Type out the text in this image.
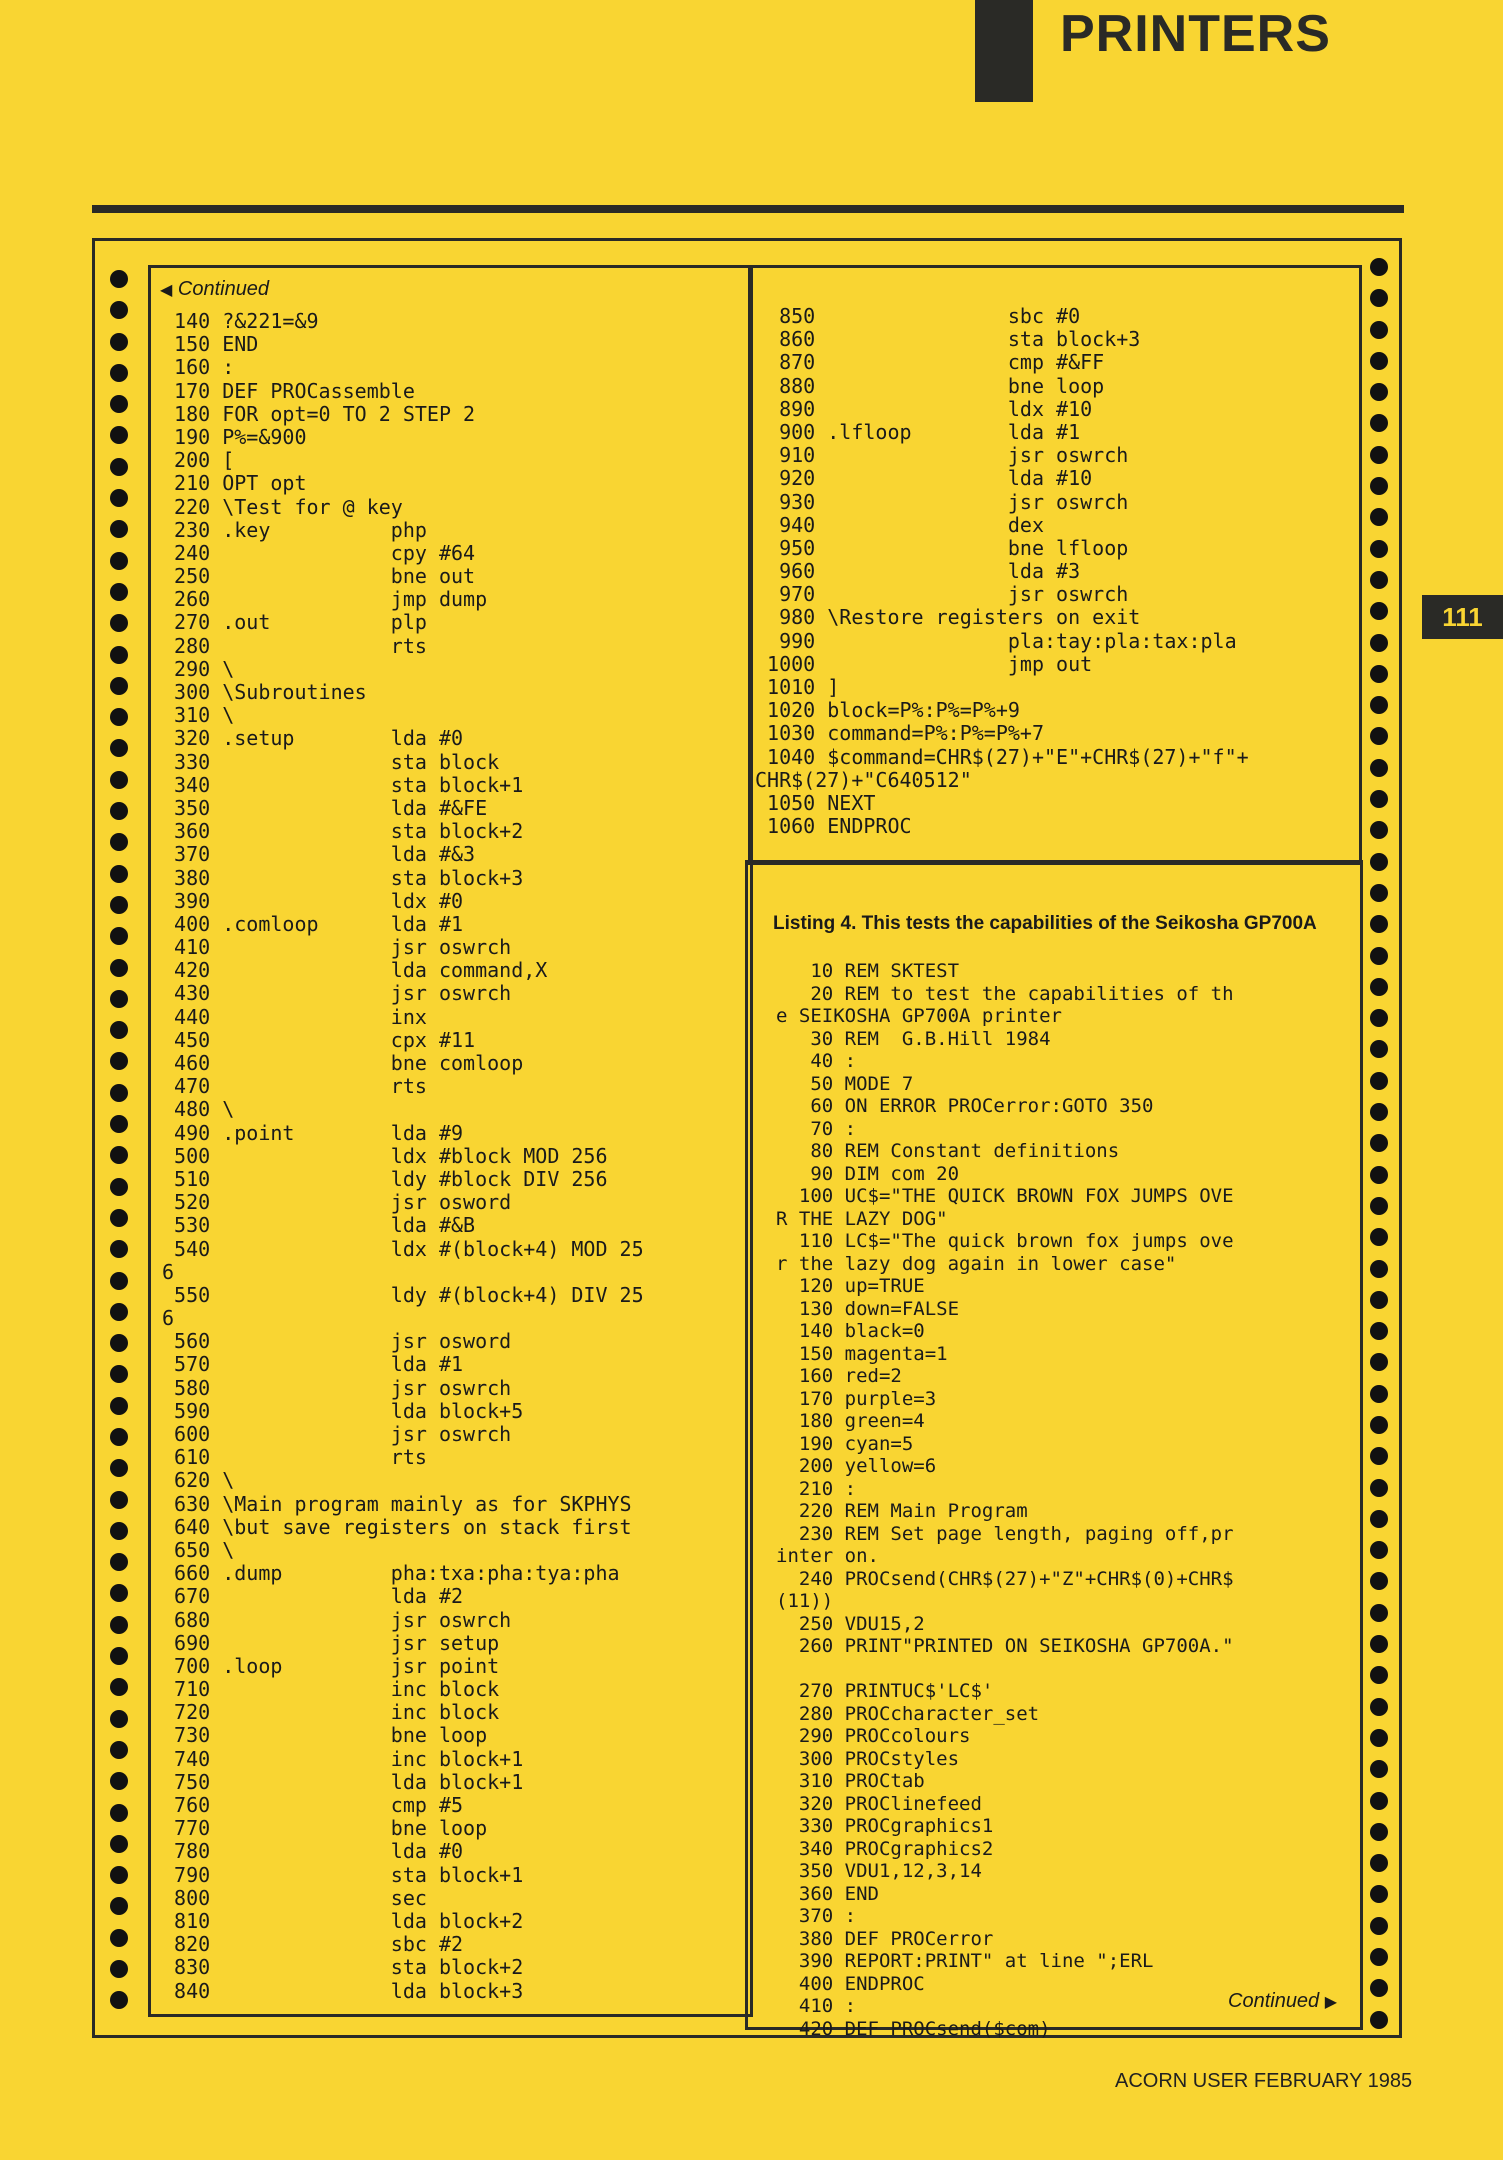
PRINTERS
111
◀ Continued
Continued ▶
Listing 4. This tests the capabilities of the Seikosha GP700A
140 ?&221=&9
150 END
160 :
170 DEF PROCassemble
180 FOR opt=0 TO 2 STEP 2
190 P%=&900
200 [
210 OPT opt
220 \Test for @ key
230 .key          php
240               cpy #64
250               bne out
260               jmp dump
270 .out          plp
280               rts
290 \
300 \Subroutines
310 \
320 .setup        lda #0
330               sta block
340               sta block+1
350               lda #&FE
360               sta block+2
370               lda #&3
380               sta block+3
390               ldx #0
400 .comloop      lda #1
410               jsr oswrch
420               lda command,X
430               jsr oswrch
440               inx
450               cpx #11
460               bne comloop
470               rts
480 \
490 .point        lda #9
500               ldx #block MOD 256
510               ldy #block DIV 256
520               jsr osword
530               lda #&B
540               ldx #(block+4) MOD 25
6
550               ldy #(block+4) DIV 25
6
560               jsr osword
570               lda #1
580               jsr oswrch
590               lda block+5
600               jsr oswrch
610               rts
620 \
630 \Main program mainly as for SKPHYS
640 \but save registers on stack first
650 \
660 .dump         pha:txa:pha:tya:pha
670               lda #2
680               jsr oswrch
690               jsr setup
700 .loop         jsr point
710               inc block
720               inc block
730               bne loop
740               inc block+1
750               lda block+1
760               cmp #5
770               bne loop
780               lda #0
790               sta block+1
800               sec
810               lda block+2
820               sbc #2
830               sta block+2
840               lda block+3
850                sbc #0
860                sta block+3
870                cmp #&FF
880                bne loop
890                ldx #10
900 .lfloop        lda #1
910                jsr oswrch
920                lda #10
930                jsr oswrch
940                dex
950                bne lfloop
960                lda #3
970                jsr oswrch
980 \Restore registers on exit
990                pla:tay:pla:tax:pla
1000                jmp out
1010 ]
1020 block=P%:P%=P%+9
1030 command=P%:P%=P%+7
1040 $command=CHR$(27)+"E"+CHR$(27)+"f"+
CHR$(27)+"C640512"
1050 NEXT
1060 ENDPROC
10 REM SKTEST
20 REM to test the capabilities of th
e SEIKOSHA GP700A printer
30 REM  G.B.Hill 1984
40 :
50 MODE 7
60 ON ERROR PROCerror:GOTO 350
70 :
80 REM Constant definitions
90 DIM com 20
100 UC$="THE QUICK BROWN FOX JUMPS OVE
R THE LAZY DOG"
110 LC$="The quick brown fox jumps ove
r the lazy dog again in lower case"
120 up=TRUE
130 down=FALSE
140 black=0
150 magenta=1
160 red=2
170 purple=3
180 green=4
190 cyan=5
200 yellow=6
210 :
220 REM Main Program
230 REM Set page length, paging off,pr
inter on.
240 PROCsend(CHR$(27)+"Z"+CHR$(0)+CHR$
(11))
250 VDU15,2
260 PRINT"PRINTED ON SEIKOSHA GP700A."
270 PRINTUC$'LC$'
280 PROCcharacter_set
290 PROCcolours
300 PROCstyles
310 PROCtab
320 PROClinefeed
330 PROCgraphics1
340 PROCgraphics2
350 VDU1,12,3,14
360 END
370 :
380 DEF PROCerror
390 REPORT:PRINT" at line ";ERL
400 ENDPROC
410 :
420 DEF PROCsend($com)
ACORN USER FEBRUARY 1985
